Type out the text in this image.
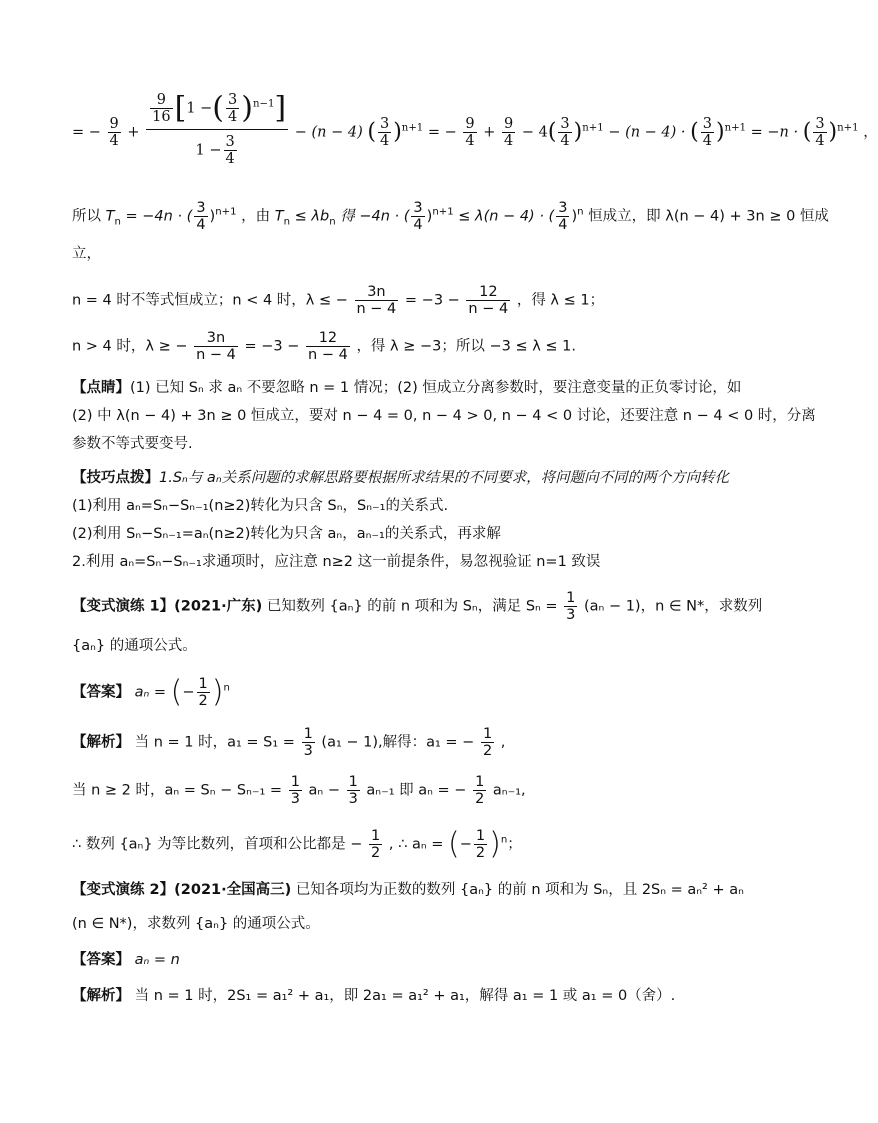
= − $\frac{9}{4} + \frac{\frac{9}{16} [1 -( \frac{3}{4} )^{n-1}]}{1 - \frac{3}{4}} - (n - 4)$ ( $\frac{3}{4} )^{n+1}$ = − $\frac{9}{4} + \frac{9}{4} - 4( \frac{3}{4} )^{n+1} - (n - 4)$ · ( $\frac{3}{4} )^{n+1} = -n$ · ( $\frac{3}{4} )^{n+1}$ ，
所以 $T_n = -4n$ · ( $\frac{3}{4} )^{n+1}$ ，由 $T_n \le \lambda b_n$ 得 −4n · ( $\frac{3}{4} )^{n+1} \le \lambda(n - 4)$ · ( $\frac{3}{4} )^n$ 恒成立，即 λ(n − 4) + 3n ≥ 0 恒成
立，
n = 4 时不等式恒成立；n < 4 时，λ ≤ − $\frac{3n}{n - 4} = -3 - \frac{12}{n - 4}$ ，得 λ ≤ 1；
n > 4 时，λ ≥ − $\frac{3n}{n - 4} = -3 - \frac{12}{n - 4}$ ，得 λ ≥ −3；所以 −3 ≤ λ ≤ 1.
【点睛】(1) 已知 Sₙ 求 aₙ 不要忽略 n = 1 情况；(2) 恒成立分离参数时，要注意变量的正负零讨论，如
(2) 中 λ(n − 4) + 3n ≥ 0 恒成立，要对 n − 4 = 0, n − 4 > 0, n − 4 < 0 讨论，还要注意 n − 4 < 0 时，分离
参数不等式要变号.
【技巧点拨】1.Sₙ与 aₙ关系问题的求解思路要根据所求结果的不同要求，将问题向不同的两个方向转化
(1)利用 aₙ=Sₙ−Sₙ₋₁(n≥2)转化为只含 Sₙ，Sₙ₋₁的关系式.
(2)利用 Sₙ−Sₙ₋₁=aₙ(n≥2)转化为只含 aₙ，aₙ₋₁的关系式，再求解
2.利用 aₙ=Sₙ−Sₙ₋₁求通项时，应注意 n≥2 这一前提条件，易忽视验证 n=1 致误
【变式演练 1】(2021·广东) 已知数列 {aₙ} 的前 n 项和为 Sₙ，满足 $S_n = \frac{1}{3} (a_n - 1)$，n ∈ N*，求数列
{aₙ} 的通项公式。
【答案】 aₙ = (− $\frac{1}{2} )^n$
【解析】 当 n = 1 时，$a_1 = S_1 = \frac{1}{3} (a_1 - 1)$,解得：a₁ = − $\frac{1}{2}$ ,
当 n ≥ 2 时，$a_n = S_n - S_{n-1} = \frac{1}{3}$ $a_n - \frac{1}{3} a_{n-1}$ 即 aₙ = − $\frac{1}{2} a_{n-1}$,
∴ 数列 {aₙ} 为等比数列，首项和公比都是 − $\frac{1}{2}$ , ∴ aₙ = (− $\frac{1}{2} )^n$；
【变式演练 2】(2021·全国高三) 已知各项均为正数的数列 {aₙ} 的前 n 项和为 Sₙ，且 2Sₙ = aₙ² + aₙ
(n ∈ N*)，求数列 {aₙ} 的通项公式。
【答案】 aₙ = n
【解析】 当 n = 1 时，2S₁ = a₁² + a₁，即 2a₁ = a₁² + a₁，解得 a₁ = 1 或 a₁ = 0（舍）.
